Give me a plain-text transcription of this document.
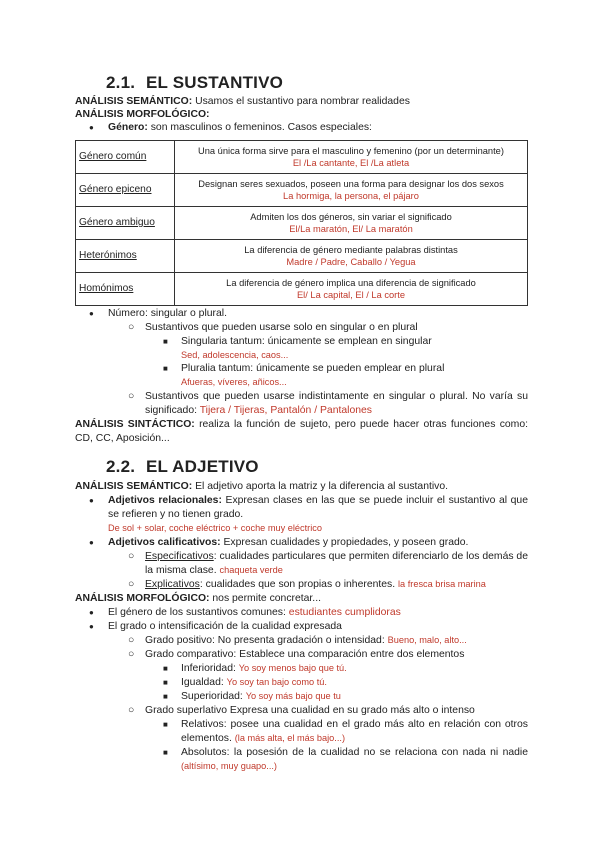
2.1. EL SUSTANTIVO
ANÁLISIS SEMÁNTICO: Usamos el sustantivo para nombrar realidades
ANÁLISIS MORFOLÓGICO:
● Género: son masculinos o femeninos. Casos especiales:
Género común	Una única forma sirve para el masculino y femenino (por un determinante)
El /La cantante, El /La atleta

Género epiceno	Designan seres sexuados, poseen una forma para designar los dos sexos
La hormiga, la persona, el pájaro

Género ambiguo	Admiten los dos géneros, sin variar el significado
El/La maratón, El/ La maratón

Heterónimos	La diferencia de género mediante palabras distintas
Madre / Padre, Caballo / Yegua

Homónimos	La diferencia de género implica una diferencia de significado
El/ La capital, El / La corte
● Número: singular o plural.
○ Sustantivos que pueden usarse solo en singular o en plural
■ Singularia tantum: únicamente se emplean en singular
Sed, adolescencia, caos...
■ Pluralia tantum: únicamente se pueden emplear en plural
Afueras, víveres, añicos...
○ Sustantivos que pueden usarse indistintamente en singular o plural. No varía su significado: Tijera / Tijeras, Pantalón / Pantalones
ANÁLISIS SINTÁCTICO: realiza la función de sujeto, pero puede hacer otras funciones como: CD, CC, Aposición...
2.2. EL ADJETIVO
ANÁLISIS SEMÁNTICO: El adjetivo aporta la matriz y la diferencia al sustantivo.
● Adjetivos relacionales: Expresan clases en las que se puede incluir el sustantivo al que se refieren y no tienen grado.
De sol + solar, coche eléctrico + coche muy eléctrico
● Adjetivos calificativos: Expresan cualidades y propiedades, y poseen grado.
○ Especificativos: cualidades particulares que permiten diferenciarlo de los demás de la misma clase. chaqueta verde
○ Explicativos: cualidades que son propias o inherentes. la fresca brisa marina
ANÁLISIS MORFOLÓGICO: nos permite concretar...
● El género de los sustantivos comunes: estudiantes cumplidoras
● El grado o intensificación de la cualidad expresada
○ Grado positivo: No presenta gradación o intensidad: Bueno, malo, alto...
○ Grado comparativo: Establece una comparación entre dos elementos
■ Inferioridad: Yo soy menos bajo que tú.
■ Igualdad: Yo soy tan bajo como tú.
■ Superioridad: Yo soy más bajo que tu
○ Grado superlativo Expresa una cualidad en su grado más alto o intenso
■ Relativos: posee una cualidad en el grado más alto en relación con otros elementos. (la más alta, el más bajo...)
■ Absolutos: la posesión de la cualidad no se relaciona con nada ni nadie (altísimo, muy guapo...)
